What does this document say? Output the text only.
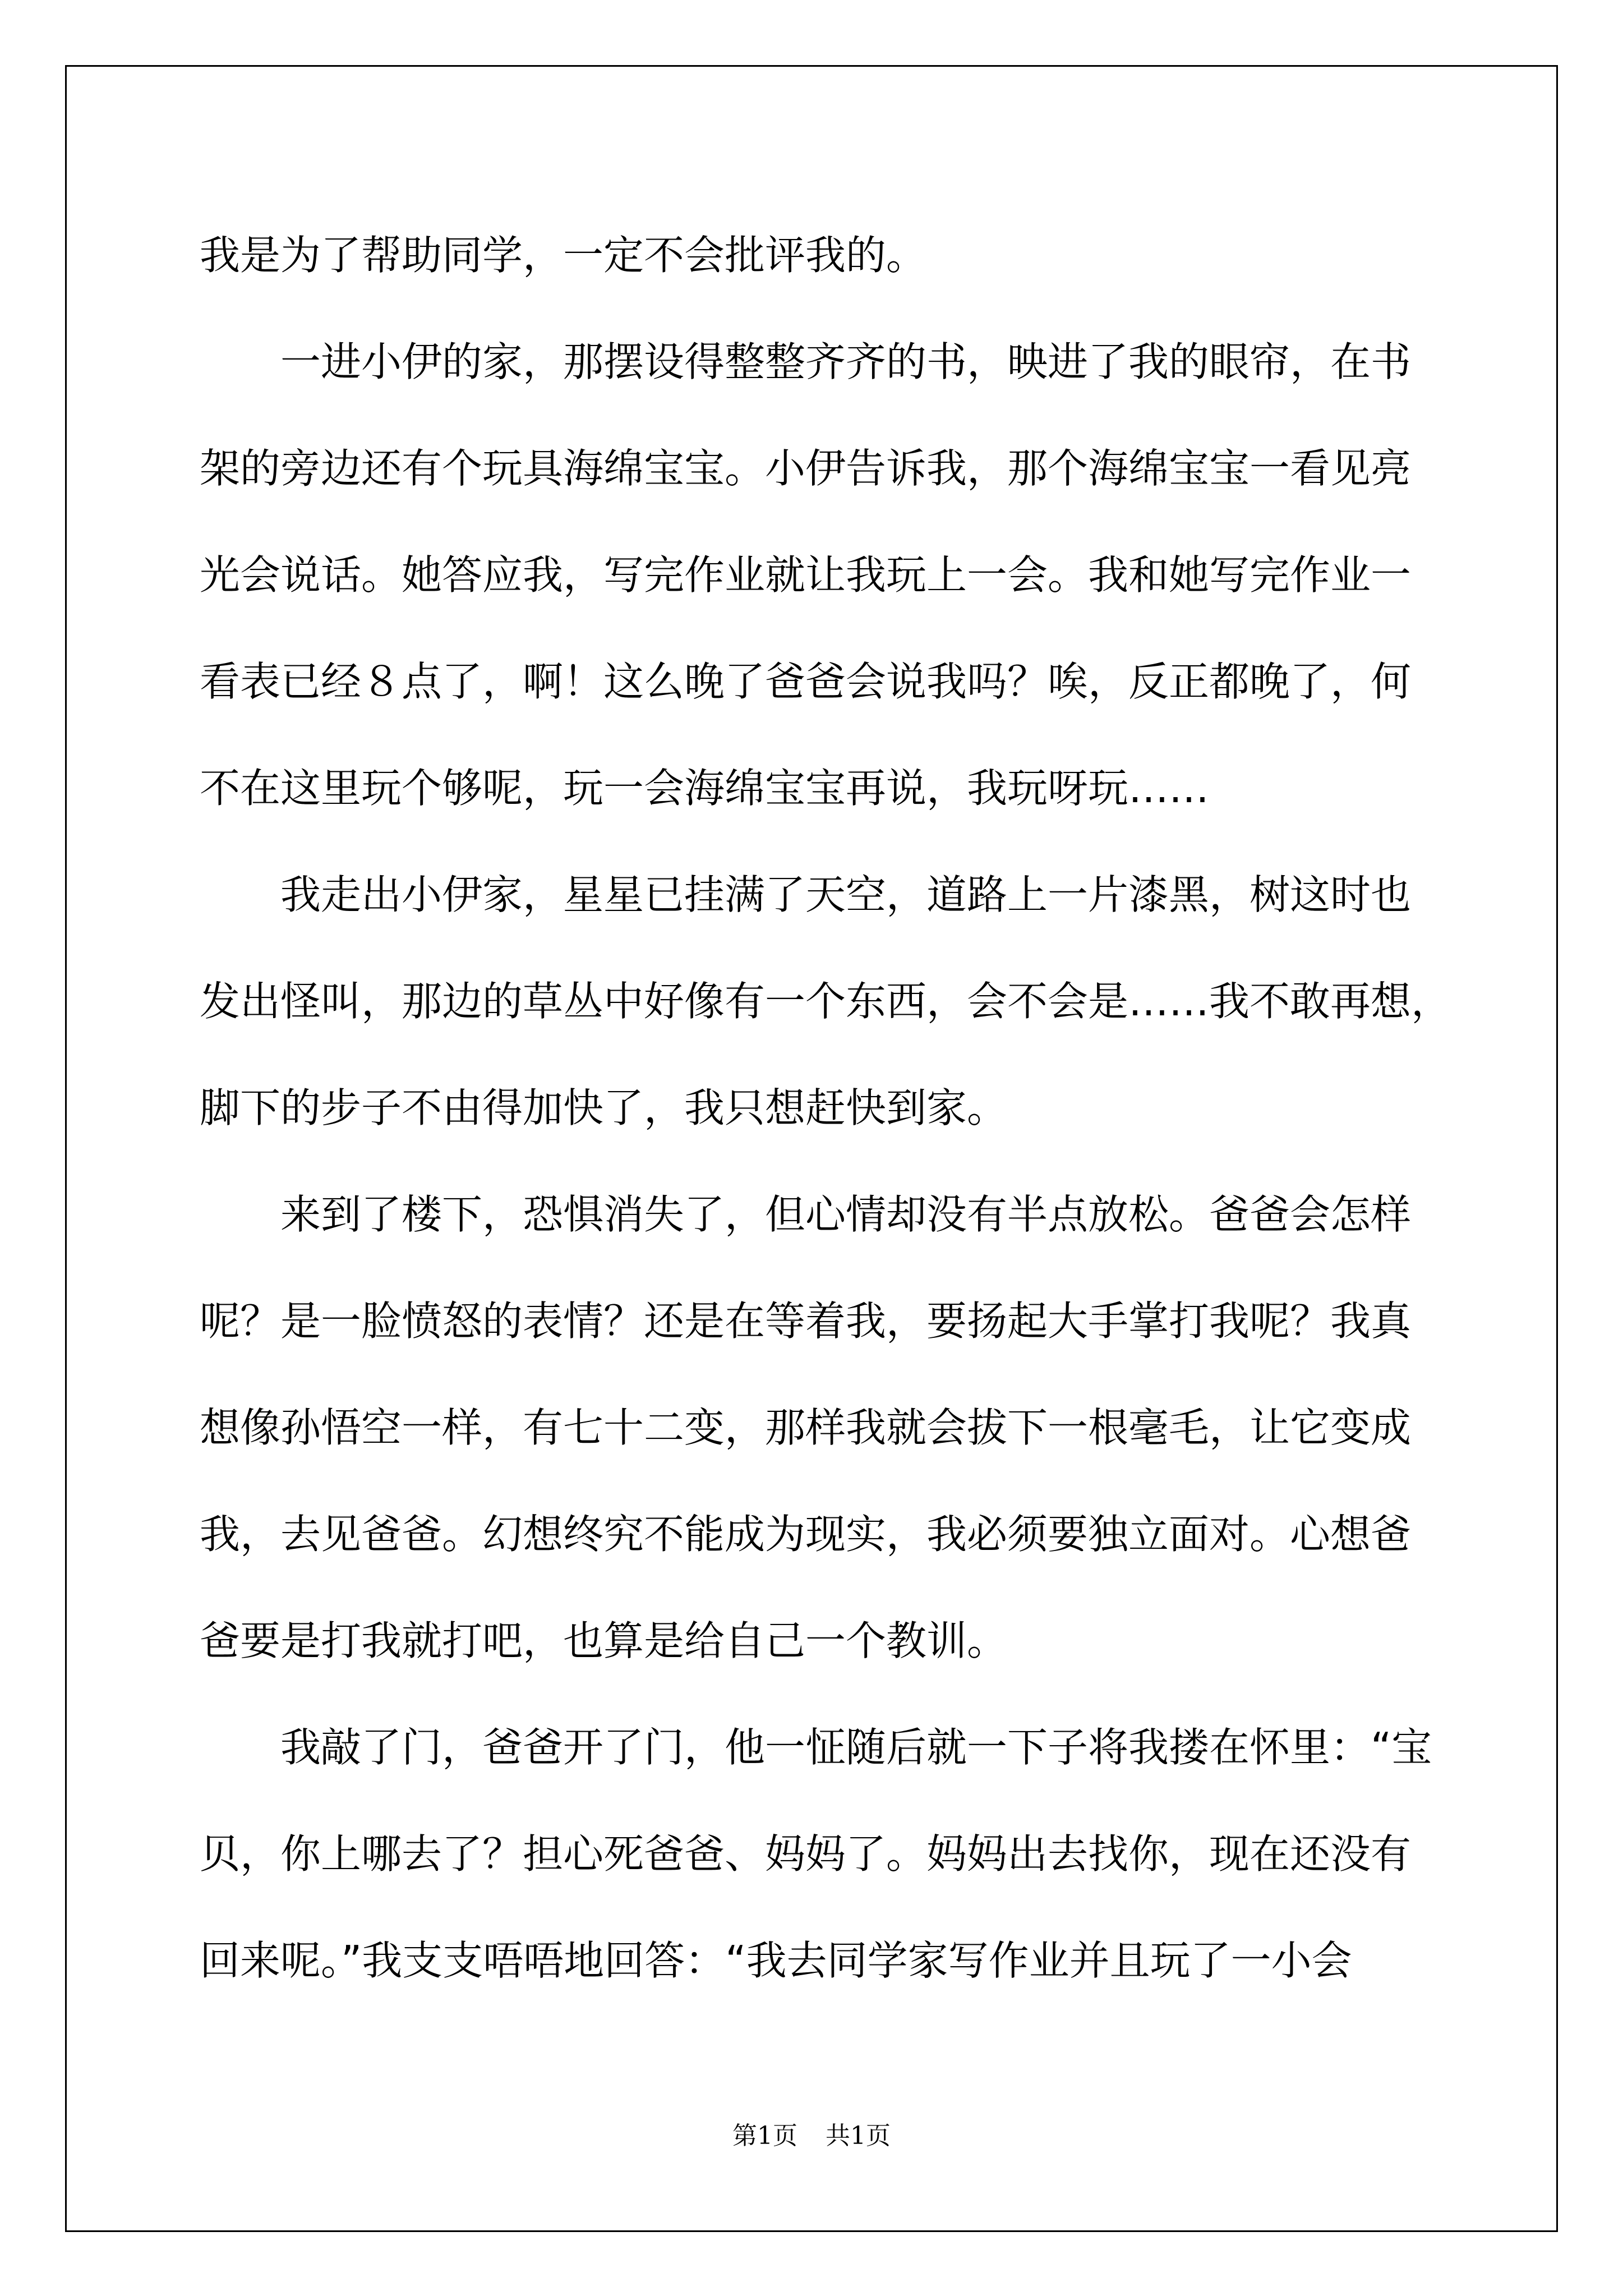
我是为了帮助同学，一定不会批评我的。
　　一进小伊的家，那摆设得整整齐齐的书，映进了我的眼帘，在书
架的旁边还有个玩具海绵宝宝。小伊告诉我，那个海绵宝宝一看见亮
光会说话。她答应我，写完作业就让我玩上一会。我和她写完作业一
看表已经８点了，啊！这么晚了爸爸会说我吗？唉，反正都晚了，何
不在这里玩个够呢，玩一会海绵宝宝再说，我玩呀玩……
　　我走出小伊家，星星已挂满了天空，道路上一片漆黑，树这时也
发出怪叫，那边的草丛中好像有一个东西，会不会是……我不敢再想，
脚下的步子不由得加快了，我只想赶快到家。
　　来到了楼下，恐惧消失了，但心情却没有半点放松。爸爸会怎样
呢？是一脸愤怒的表情？还是在等着我，要扬起大手掌打我呢？我真
想像孙悟空一样，有七十二变，那样我就会拔下一根毫毛，让它变成
我，去见爸爸。幻想终究不能成为现实，我必须要独立面对。心想爸
爸要是打我就打吧，也算是给自己一个教训。
　　我敲了门，爸爸开了门，他一怔随后就一下子将我搂在怀里：“宝
贝，你上哪去了？担心死爸爸、妈妈了。妈妈出去找你，现在还没有
回来呢。”我支支唔唔地回答：“我去同学家写作业并且玩了一小会
第1页 共1页
